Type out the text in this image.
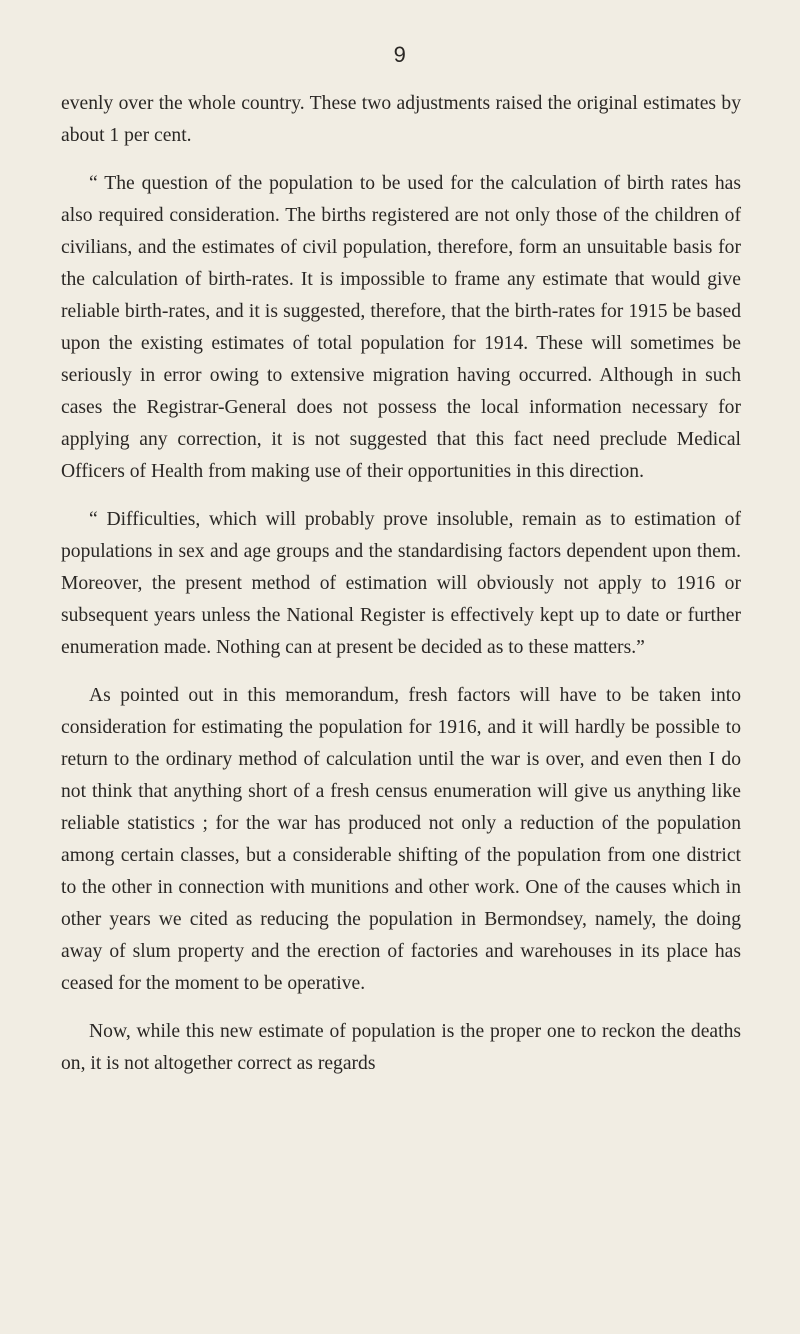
9

evenly over the whole country. These two adjustments raised the original estimates by about 1 per cent.

“ The question of the population to be used for the calculation of birth rates has also required consideration. The births registered are not only those of the children of civilians, and the estimates of civil population, therefore, form an unsuitable basis for the calculation of birth-rates. It is impossible to frame any estimate that would give reliable birth-rates, and it is suggested, therefore, that the birth-rates for 1915 be based upon the existing estimates of total population for 1914. These will sometimes be seriously in error owing to extensive migration having occurred. Although in such cases the Registrar-General does not possess the local information necessary for applying any correction, it is not suggested that this fact need preclude Medical Officers of Health from making use of their opportunities in this direction.

“ Difficulties, which will probably prove insoluble, remain as to estimation of populations in sex and age groups and the standardising factors dependent upon them. Moreover, the present method of estimation will obviously not apply to 1916 or subsequent years unless the National Register is effectively kept up to date or further enumeration made. Nothing can at present be decided as to these matters.”

As pointed out in this memorandum, fresh factors will have to be taken into consideration for estimating the population for 1916, and it will hardly be possible to return to the ordinary method of calculation until the war is over, and even then I do not think that anything short of a fresh census enumeration will give us anything like reliable statistics ; for the war has produced not only a reduction of the population among certain classes, but a considerable shifting of the population from one district to the other in connection with munitions and other work. One of the causes which in other years we cited as reducing the population in Bermondsey, namely, the doing away of slum property and the erection of factories and warehouses in its place has ceased for the moment to be operative.

Now, while this new estimate of population is the proper one to reckon the deaths on, it is not altogether correct as regards
